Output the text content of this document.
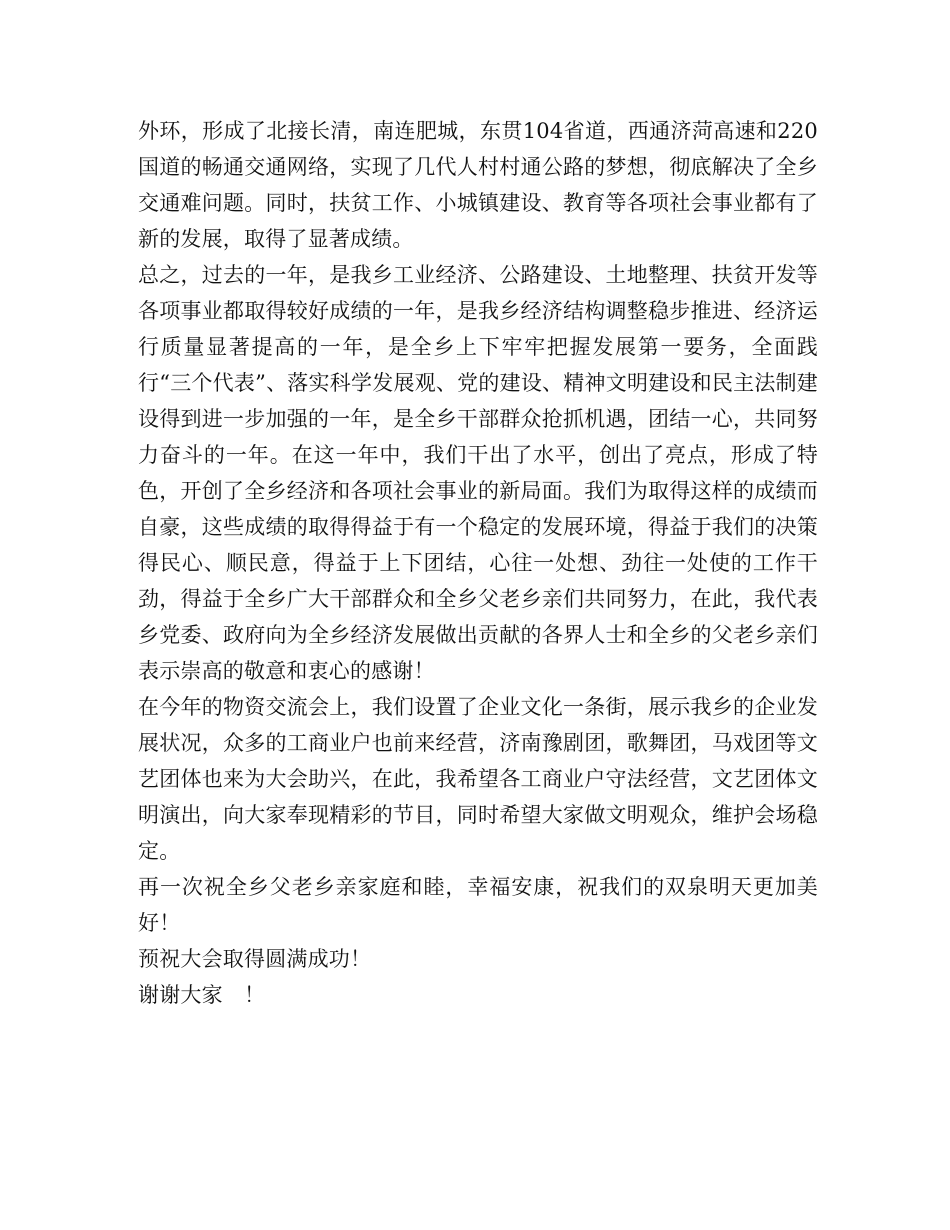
外环，形成了北接长清，南连肥城，东贯104省道，西通济菏高速和220国道的畅通交通网络，实现了几代人村村通公路的梦想，彻底解决了全乡交通难问题。同时，扶贫工作、小城镇建设、教育等各项社会事业都有了新的发展，取得了显著成绩。

总之，过去的一年，是我乡工业经济、公路建设、土地整理、扶贫开发等各项事业都取得较好成绩的一年，是我乡经济结构调整稳步推进、经济运行质量显著提高的一年，是全乡上下牢牢把握发展第一要务，全面践行“三个代表”、落实科学发展观、党的建设、精神文明建设和民主法制建设得到进一步加强的一年，是全乡干部群众抢抓机遇，团结一心，共同努力奋斗的一年。在这一年中，我们干出了水平，创出了亮点，形成了特色，开创了全乡经济和各项社会事业的新局面。我们为取得这样的成绩而自豪，这些成绩的取得得益于有一个稳定的发展环境，得益于我们的决策得民心、顺民意，得益于上下团结，心往一处想、劲往一处使的工作干劲，得益于全乡广大干部群众和全乡父老乡亲们共同努力，在此，我代表乡党委、政府向为全乡经济发展做出贡献的各界人士和全乡的父老乡亲们表示崇高的敬意和衷心的感谢！

在今年的物资交流会上，我们设置了企业文化一条街，展示我乡的企业发展状况，众多的工商业户也前来经营，济南豫剧团，歌舞团，马戏团等文艺团体也来为大会助兴，在此，我希望各工商业户守法经营，文艺团体文明演出，向大家奉现精彩的节目，同时希望大家做文明观众，维护会场稳定。

再一次祝全乡父老乡亲家庭和睦，幸福安康，祝我们的双泉明天更加美好！

预祝大会取得圆满成功！

谢谢大家　！
